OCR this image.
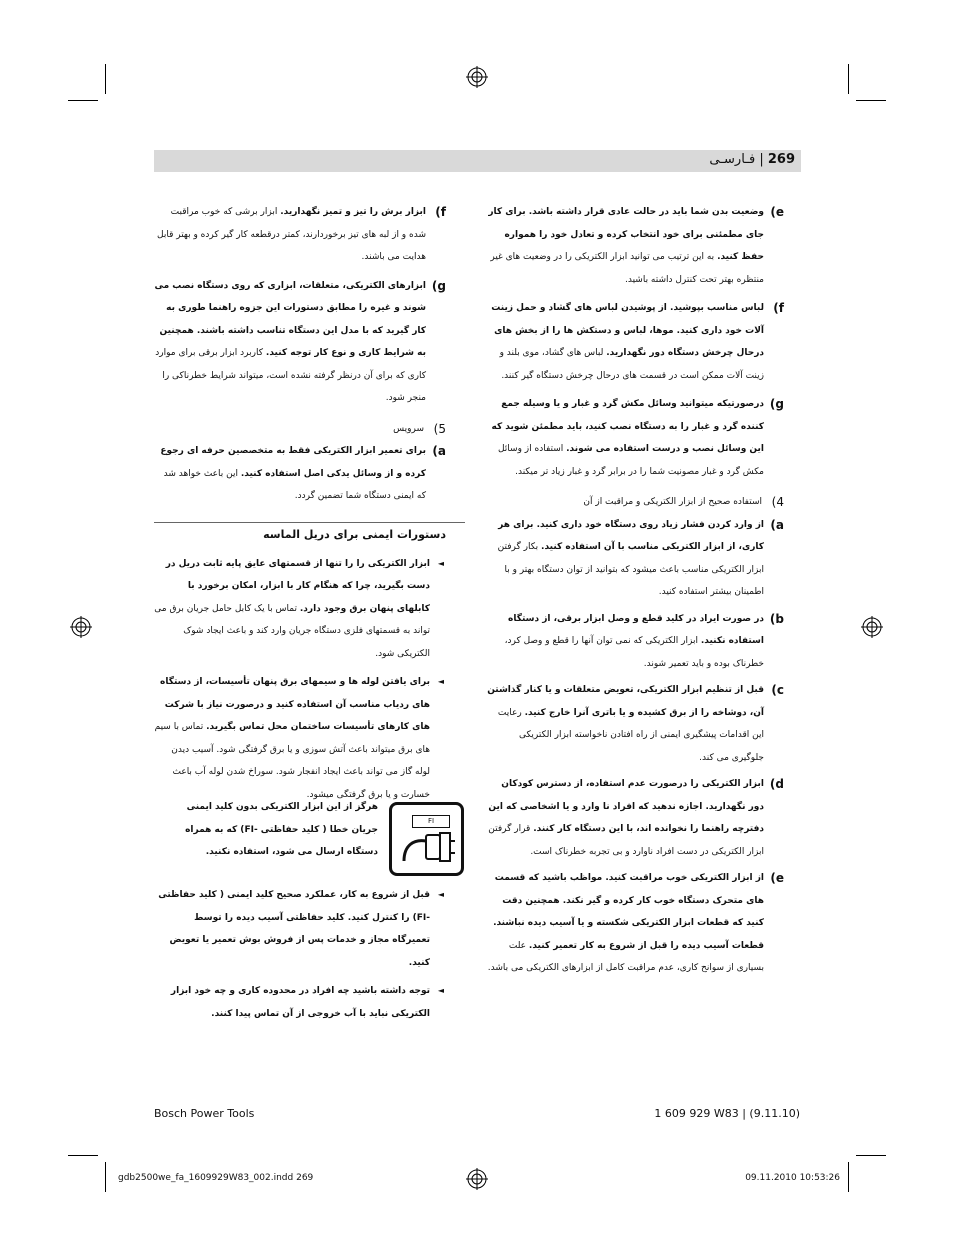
269 | فـارسـی

e)
وضعیت بدن شما باید در حالت عادی قرار داشته باشد. برای کار جای مطمئنی برای خود انتخاب کرده و تعادل خود را همواره حفظ کنید. به این ترتیب می توانید ابزار الکتریکی را در وضعیت های غیر منتظره بهتر تحت کنترل داشته باشید.

f)
لباس مناسب بپوشید. از پوشیدن لباس های گشاد و حمل زینت آلات خود داری کنید. موها، لباس و دستکش ها را از بخش های درحال چرخش دستگاه دور نگهدارید. لباس های گشاد، موی بلند و زینت آلات ممکن است در قسمت های درحال چرخش دستگاه گیر کنند.

g)
درصورتیکه میتوانید وسائل مکش گرد و غبار و یا وسیله جمع کننده گرد و غبار را به دستگاه نصب کنید، باید مطمئن شوید که این وسائل نصب و درست استفاده می شوند. استفاده از وسائل مکش گرد و غبار مصونیت شما را در برابر گرد و غبار زیاد تر میکند.

4)
استفاده صحیح از ابزار الکتریکی و مراقبت از آن

a)
از وارد کردن فشار زیاد روی دستگاه خود داری کنید. برای هر کاری، از ابزار الکتریکی مناسب با آن استفاده کنید. بکار گرفتن ابزار الکتریکی مناسب باعث میشود که بتوانید از توان دستگاه بهتر و با اطمینان بیشتر استفاده کنید.

b)
در صورت ایراد در کلید قطع و وصل ابزار برقی، از دستگاه استفاده نکنید. ابزار الکتریکی که نمی توان آنها را قطع و وصل کرد، خطرناک بوده و باید تعمیر شوند.

c)
قبل از تنظیم ابزار الکتریکی، تعویض متعلقات و یا کنار گذاشتن آن، دوشاخه را از برق کشیده و یا باتری آنرا خارج کنید. رعایت این اقدامات پیشگیری ایمنی از راه افتادن ناخواسته ابزار الکتریکی جلوگیری می کند.

d)
ابزار الکتریکی را درصورت عدم استفاده، از دسترس کودکان دور نگهدارید. اجازه ندهید که افراد نا وارد و یا اشخاصی که این دفترچه راهنما را نخوانده اند، با این دستگاه کار کنند. قرار گرفتن ابزار الکتریکی در دست افراد ناوارد و بی تجربه خطرناک است.

e)
از ابزار الکتریکی خوب مراقبت کنید. مواظب باشید که قسمت های متحرک دستگاه خوب کار کرده و گیر نکند. همچنین دقت کنید که قطعات ابزار الکتریکی شکسته و یا آسیب دیده نباشند. قطعات آسیب دیده را قبل از شروع به کار تعمیر کنید. علت بسیاری از سوانح کاری، عدم مراقبت کامل از ابزارهای الکتریکی می باشد.

f)
ابزار برش را تیز و تمیز نگهدارید. ابزار برشی که خوب مراقبت شده و از لبه های تیز برخوردارند، کمتر درقطعه کار گیر کرده و بهتر قابل هدایت می باشند.

g)
ابزارهای الکتریکی، متعلقات، ابزاری که روی دستگاه نصب می شوند و غیره را مطابق دستورات این جزوه راهنما طوری به کار گیرید که با مدل این دستگاه تناسب داشته باشند. همچنین به شرایط کاری و نوع کار توجه کنید. کاربرد ابزار برقی برای موارد کاری که برای آن درنظر گرفته نشده است، میتواند شرایط خطرناکی را منجر شود.

5)
سرویس

a)
برای تعمیر ابزار الکتریکی فقط به متخصصین حرفه ای رجوع کرده و از وسائل یدکی اصل استفاده کنید. این باعث خواهد شد که ایمنی دستگاه شما تضمین گردد.

دستورات ایمنی برای دریل الماسه

◄
ابزار الکتریکی را را تنها از قسمتهای عایق پایه ثابت دریل در دست بگیرید، چرا که هنگام کار با ابزار، امکان برخورد با کابلهای پنهان برق وجود دارد. تماس با یک کابل حامل جریان برق می تواند به قسمتهای فلزی دستگاه جریان وارد کند و باعث ایجاد شوک الکتریکی شود.

◄
برای یافتن لوله ها و سیمهای برق پنهان تأسیسات، از دستگاه های ردیاب مناسب آن استفاده کنید و درصورت نیاز با شرکت های کارهای تأسیسات ساختمان محل تماس بگیرید. تماس با سیم های برق میتواند باعث آتش سوزی و یا برق گرفتگی شود. آسیب دیدن لوله گاز می تواند باعث ایجاد انفجار شود. سوراخ شدن لوله آب باعث خسارت و یا برق گرفتگی میشود.

هرگز از این ابزار الکتریکی بدون کلید ایمنی جریان خطا ( کلید حفاظتی -FI) که به همراه دستگاه ارسال می شود، استفاده نکنید.

FI

◄
قبل از شروع به کار، عملکرد صحیح کلید ایمنی ( کلید حفاظتی -FI) را کنترل کنید. کلید حفاظتی آسیب دیده را توسط تعمیرگاه مجاز و خدمات پس از فروش بوش تعمیر یا تعویض کنید.

◄
توجه داشته باشید چه افراد در محدوده کاری و چه خود ابزار الکتریکی نباید با آب خروجی از آن تماس پیدا کنند.

Bosch Power Tools	1 609 929 W83 | (9.11.10)
gdb2500we_fa_1609929W83_002.indd 269	09.11.2010 10:53:26
